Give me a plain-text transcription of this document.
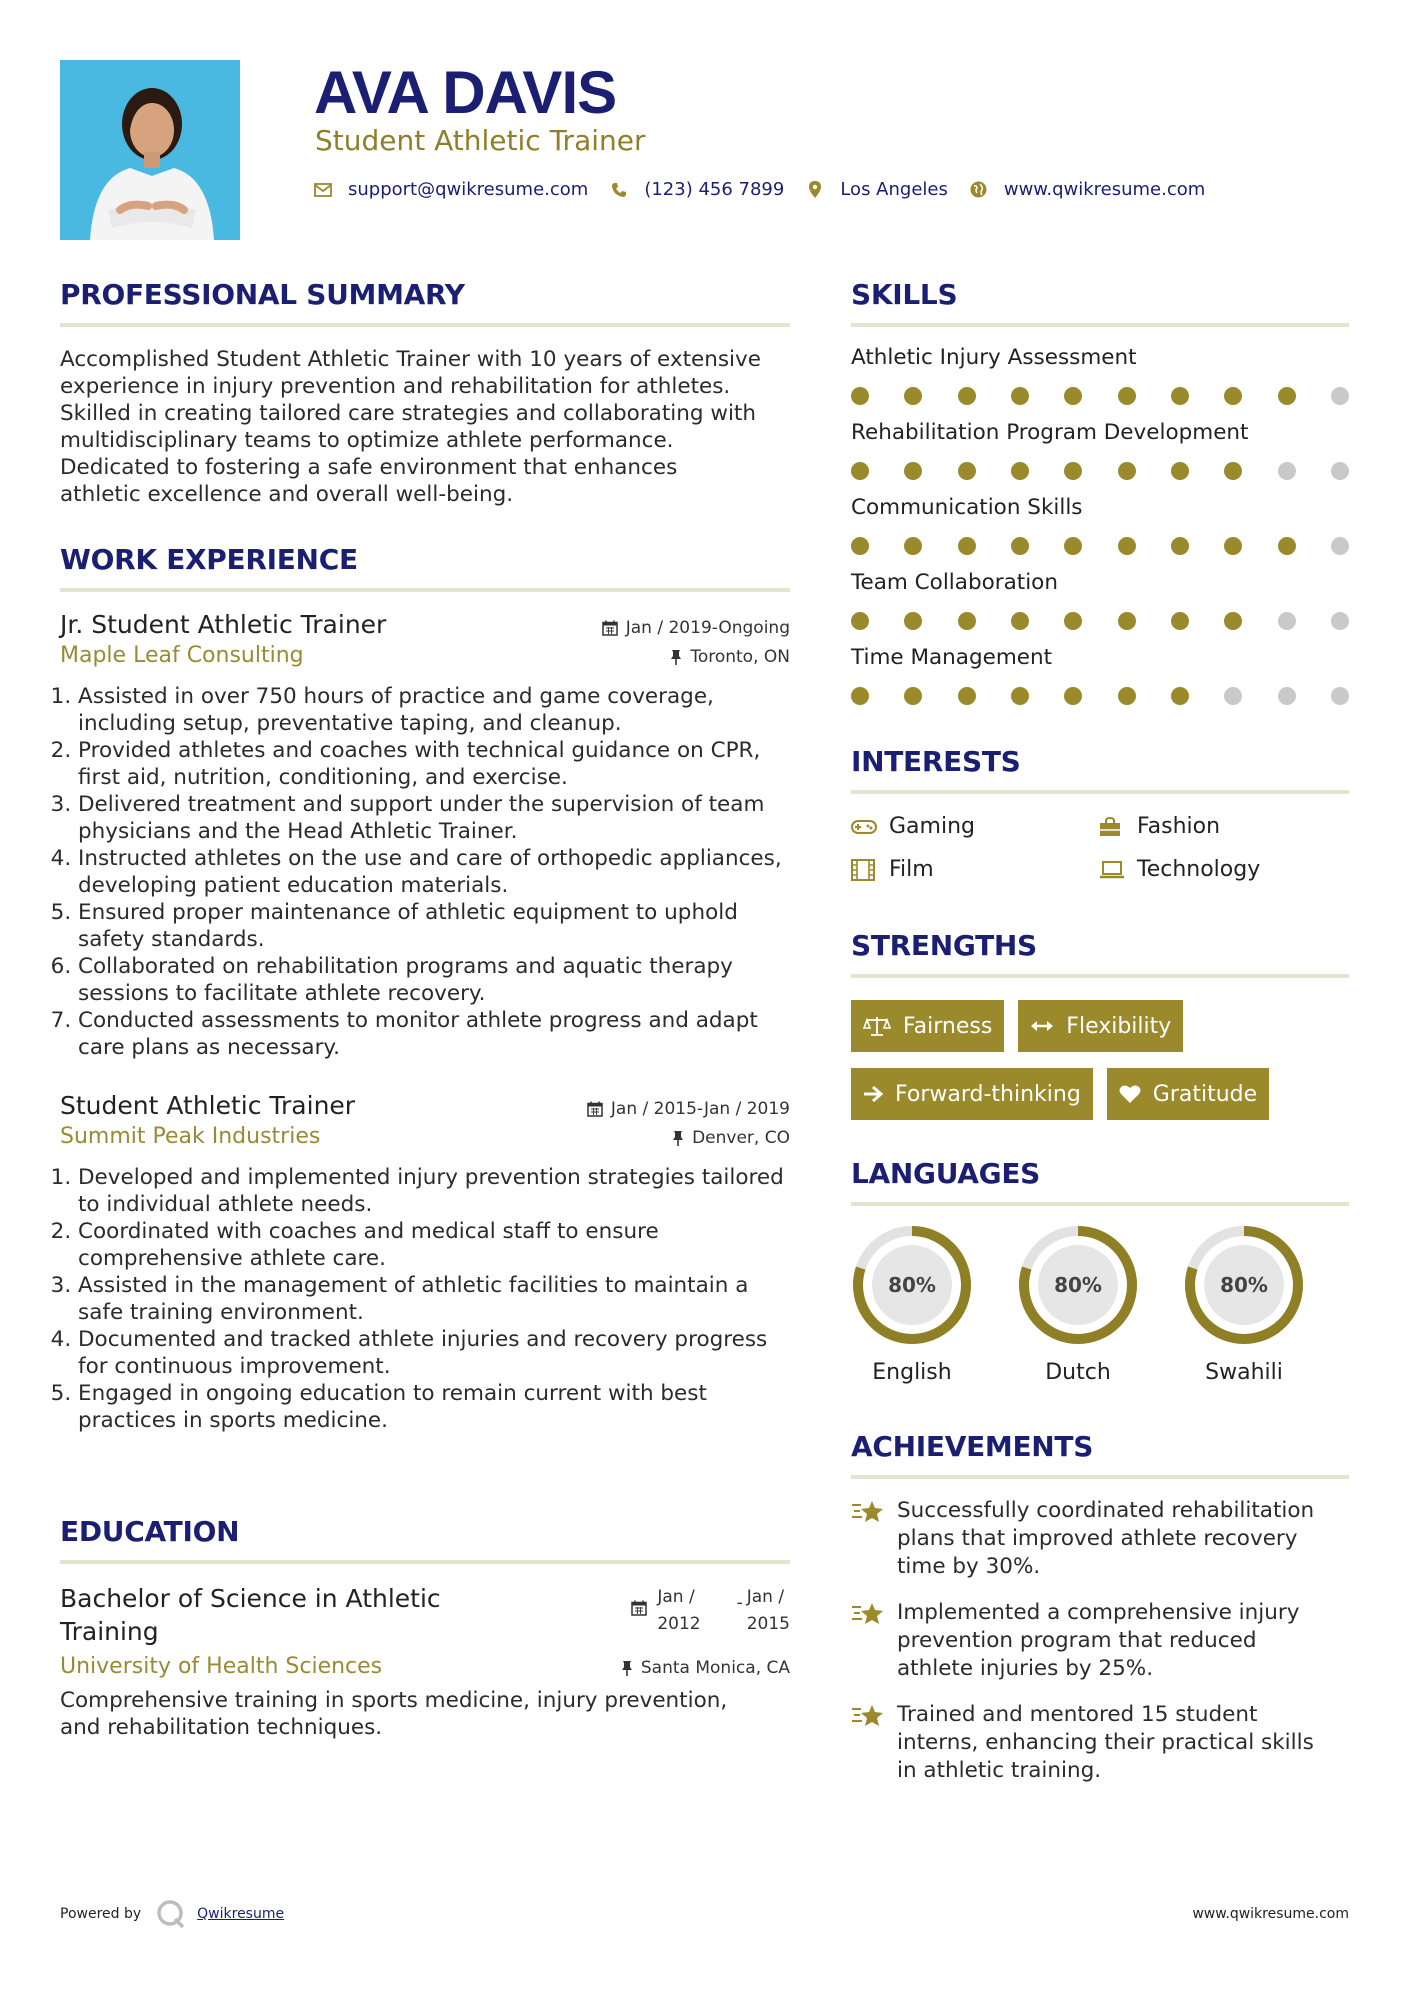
AVA DAVIS
Student Athletic Trainer
support@qwikresume.com	(123) 456 7899	Los Angeles	www.qwikresume.com
PROFESSIONAL SUMMARY
Accomplished Student Athletic Trainer with 10 years of extensive
experience in injury prevention and rehabilitation for athletes.
Skilled in creating tailored care strategies and collaborating with
multidisciplinary teams to optimize athlete performance.
Dedicated to fostering a safe environment that enhances
athletic excellence and overall well-being.
WORK EXPERIENCE
Jr. Student Athletic Trainer	Jan / 2019-Ongoing
Maple Leaf Consulting	Toronto, ON
1. Assisted in over 750 hours of practice and game coverage, including setup, preventative taping, and cleanup.
2. Provided athletes and coaches with technical guidance on CPR, first aid, nutrition, conditioning, and exercise.
3. Delivered treatment and support under the supervision of team physicians and the Head Athletic Trainer.
4. Instructed athletes on the use and care of orthopedic appliances, developing patient education materials.
5. Ensured proper maintenance of athletic equipment to uphold safety standards.
6. Collaborated on rehabilitation programs and aquatic therapy sessions to facilitate athlete recovery.
7. Conducted assessments to monitor athlete progress and adapt care plans as necessary.
Student Athletic Trainer	Jan / 2015-Jan / 2019
Summit Peak Industries	Denver, CO
1. Developed and implemented injury prevention strategies tailored to individual athlete needs.
2. Coordinated with coaches and medical staff to ensure comprehensive athlete care.
3. Assisted in the management of athletic facilities to maintain a safe training environment.
4. Documented and tracked athlete injuries and recovery progress for continuous improvement.
5. Engaged in ongoing education to remain current with best practices in sports medicine.
EDUCATION
Bachelor of Science in Athletic
Training
Jan /
2012
- Jan /
2015
University of Health Sciences	Santa Monica, CA
Comprehensive training in sports medicine, injury prevention,
and rehabilitation techniques.
SKILLS
Athletic Injury Assessment
Rehabilitation Program Development
Communication Skills
Team Collaboration
Time Management
INTERESTS
Gaming	Fashion
Film	Technology
STRENGTHS
Fairness	Flexibility
Forward-thinking	Gratitude
LANGUAGES
80%
English
80%
Dutch
80%
Swahili
ACHIEVEMENTS
Successfully coordinated rehabilitation
plans that improved athlete recovery
time by 30%.
Implemented a comprehensive injury
prevention program that reduced
athlete injuries by 25%.
Trained and mentored 15 student
interns, enhancing their practical skills
in athletic training.
Powered by	Qwikresume	www.qwikresume.com
